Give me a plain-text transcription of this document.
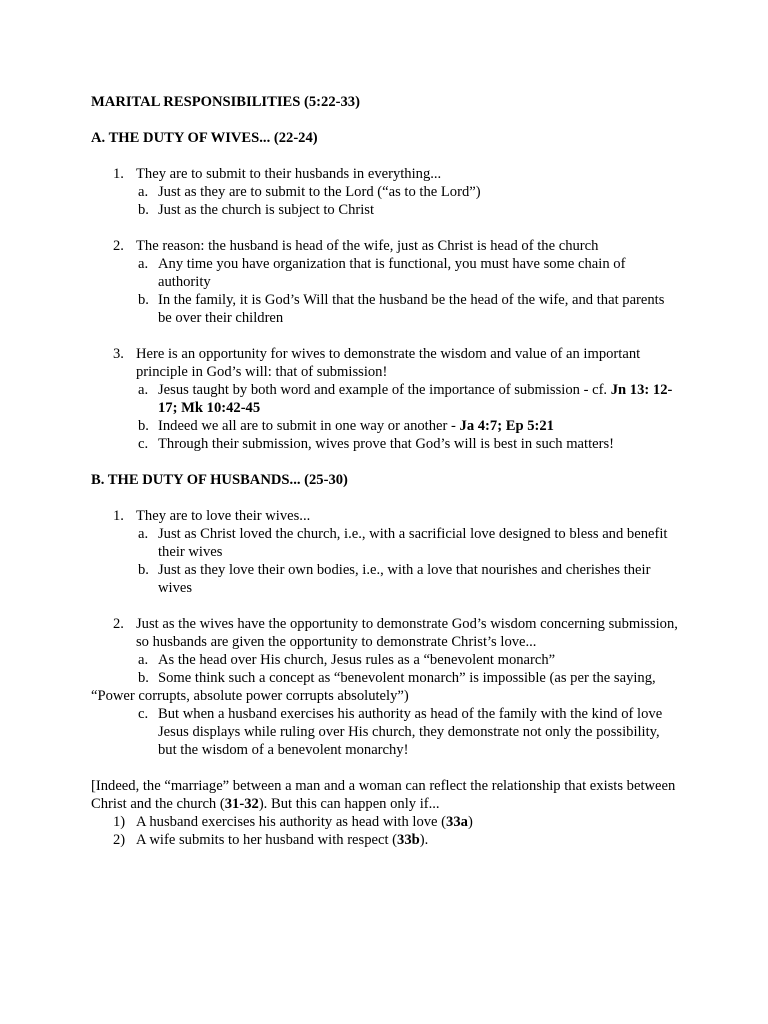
MARITAL RESPONSIBILITIES (5:22-33)

A. THE DUTY OF WIVES... (22-24)

1. They are to submit to their husbands in everything...
a. Just as they are to submit to the Lord (“as to the Lord”)
b. Just as the church is subject to Christ
2. The reason: the husband is head of the wife, just as Christ is head of the church
a. Any time you have organization that is functional, you must have some chain of authority
b. In the family, it is God’s Will that the husband be the head of the wife, and that parents be over their children
3. Here is an opportunity for wives to demonstrate the wisdom and value of an important principle in God’s will: that of submission!
a. Jesus taught by both word and example of the importance of submission - cf. Jn 13: 12-17; Mk 10:42-45
b. Indeed we all are to submit in one way or another - Ja 4:7; Ep 5:21
c. Through their submission, wives prove that God’s will is best in such matters!

B. THE DUTY OF HUSBANDS... (25-30)

1. They are to love their wives...
a. Just as Christ loved the church, i.e., with a sacrificial love designed to bless and benefit their wives
b. Just as they love their own bodies, i.e., with a love that nourishes and cherishes their wives
2. Just as the wives have the opportunity to demonstrate God’s wisdom concerning submission, so husbands are given the opportunity to demonstrate Christ’s love...
a. As the head over His church, Jesus rules as a “benevolent monarch”
b. Some think such a concept as “benevolent monarch” is impossible (as per the saying, “Power corrupts, absolute power corrupts absolutely”)
c. But when a husband exercises his authority as head of the family with the kind of love Jesus displays while ruling over His church, they demonstrate not only the possibility, but the wisdom of a benevolent monarchy!
[Indeed, the “marriage” between a man and a woman can reflect the relationship that exists between Christ and the church (31-32). But this can happen only if...
1) A husband exercises his authority as head with love (33a)
2) A wife submits to her husband with respect (33b).
